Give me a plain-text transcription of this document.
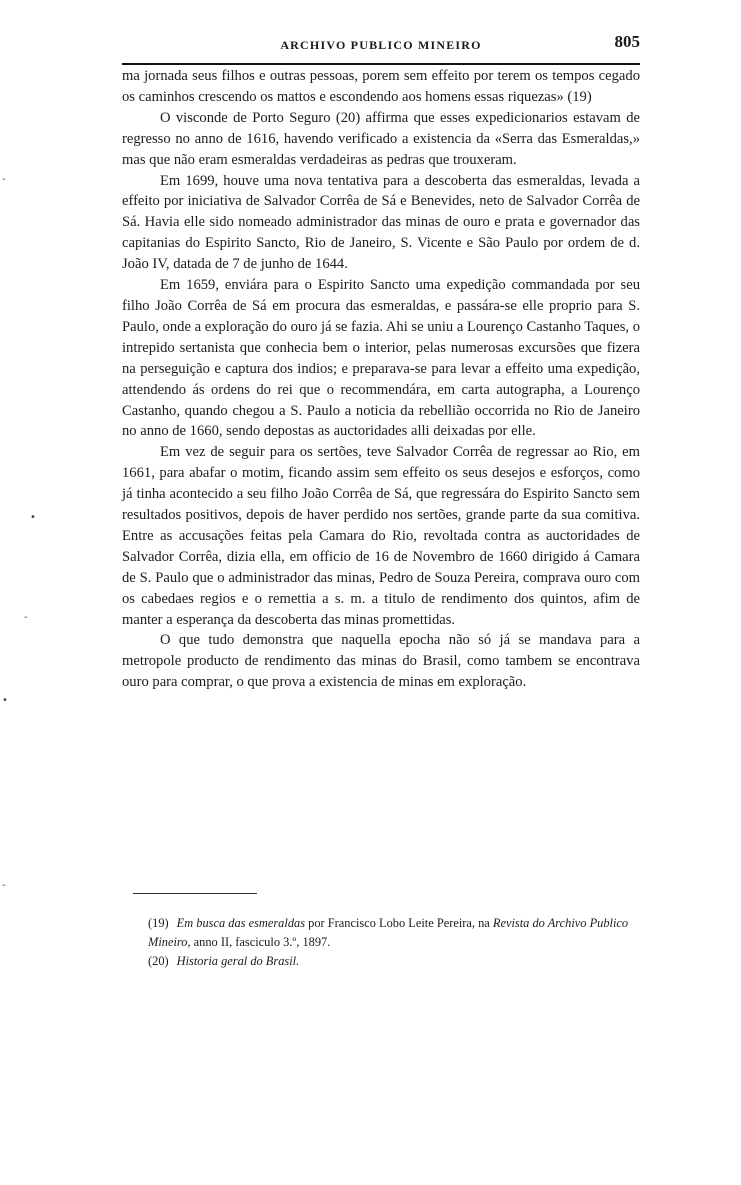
ARCHIVO PUBLICO MINEIRO	805

ma jornada seus filhos e outras pessoas, porem sem effeito por terem os tempos cegado os caminhos crescendo os mattos e escondendo aos homens essas riquezas» (19)

O visconde de Porto Seguro (20) affirma que esses expedicionarios estavam de regresso no anno de 1616, havendo verificado a existencia da «Serra das Esmeraldas,» mas que não eram esmeraldas verdadeiras as pedras que trouxeram.

Em 1699, houve uma nova tentativa para a descoberta das esmeraldas, levada a effeito por iniciativa de Salvador Corrêa de Sá e Benevides, neto de Salvador Corrêa de Sá. Havia elle sido nomeado administrador das minas de ouro e prata e governador das capitanias do Espirito Sancto, Rio de Janeiro, S. Vicente e São Paulo por ordem de d. João IV, datada de 7 de junho de 1644.

Em 1659, enviára para o Espirito Sancto uma expedição commandada por seu filho João Corrêa de Sá em procura das esmeraldas, e passára-se elle proprio para S. Paulo, onde a exploração do ouro já se fazia. Ahi se uniu a Lourenço Castanho Taques, o intrepido sertanista que conhecia bem o interior, pelas numerosas excursões que fizera na perseguição e captura dos indios; e preparava-se para levar a effeito uma expedição, attendendo ás ordens do rei que o recommendára, em carta autographa, a Lourenço Castanho, quando chegou a S. Paulo a noticia da rebellião occorrida no Rio de Janeiro no anno de 1660, sendo depostas as auctoridades alli deixadas por elle.

Em vez de seguir para os sertões, teve Salvador Corrêa de regressar ao Rio, em 1661, para abafar o motim, ficando assim sem effeito os seus desejos e esforços, como já tinha acontecido a seu filho João Corrêa de Sá, que regressára do Espirito Sancto sem resultados positivos, depois de haver perdido nos sertões, grande parte da sua comitiva. Entre as accusações feitas pela Camara do Rio, revoltada contra as auctoridades de Salvador Corrêa, dizia ella, em officio de 16 de Novembro de 1660 dirigido á Camara de S. Paulo que o administrador das minas, Pedro de Souza Pereira, comprava ouro com os cabedaes regios e o remettia a s. m. a titulo de rendimento dos quintos, afim de manter a esperança da descoberta das minas promettidas.

O que tudo demonstra que naquella epocha não só já se mandava para a metropole producto de rendimento das minas do Brasil, como tambem se encontrava ouro para comprar, o que prova a existencia de minas em exploração.

(19) Em busca das esmeraldas por Francisco Lobo Leite Pereira, na Revista do Archivo Publico Mineiro, anno II, fasciculo 3.º, 1897.

(20) Historia geral do Brasil.

‐
•
‐
•
‐
